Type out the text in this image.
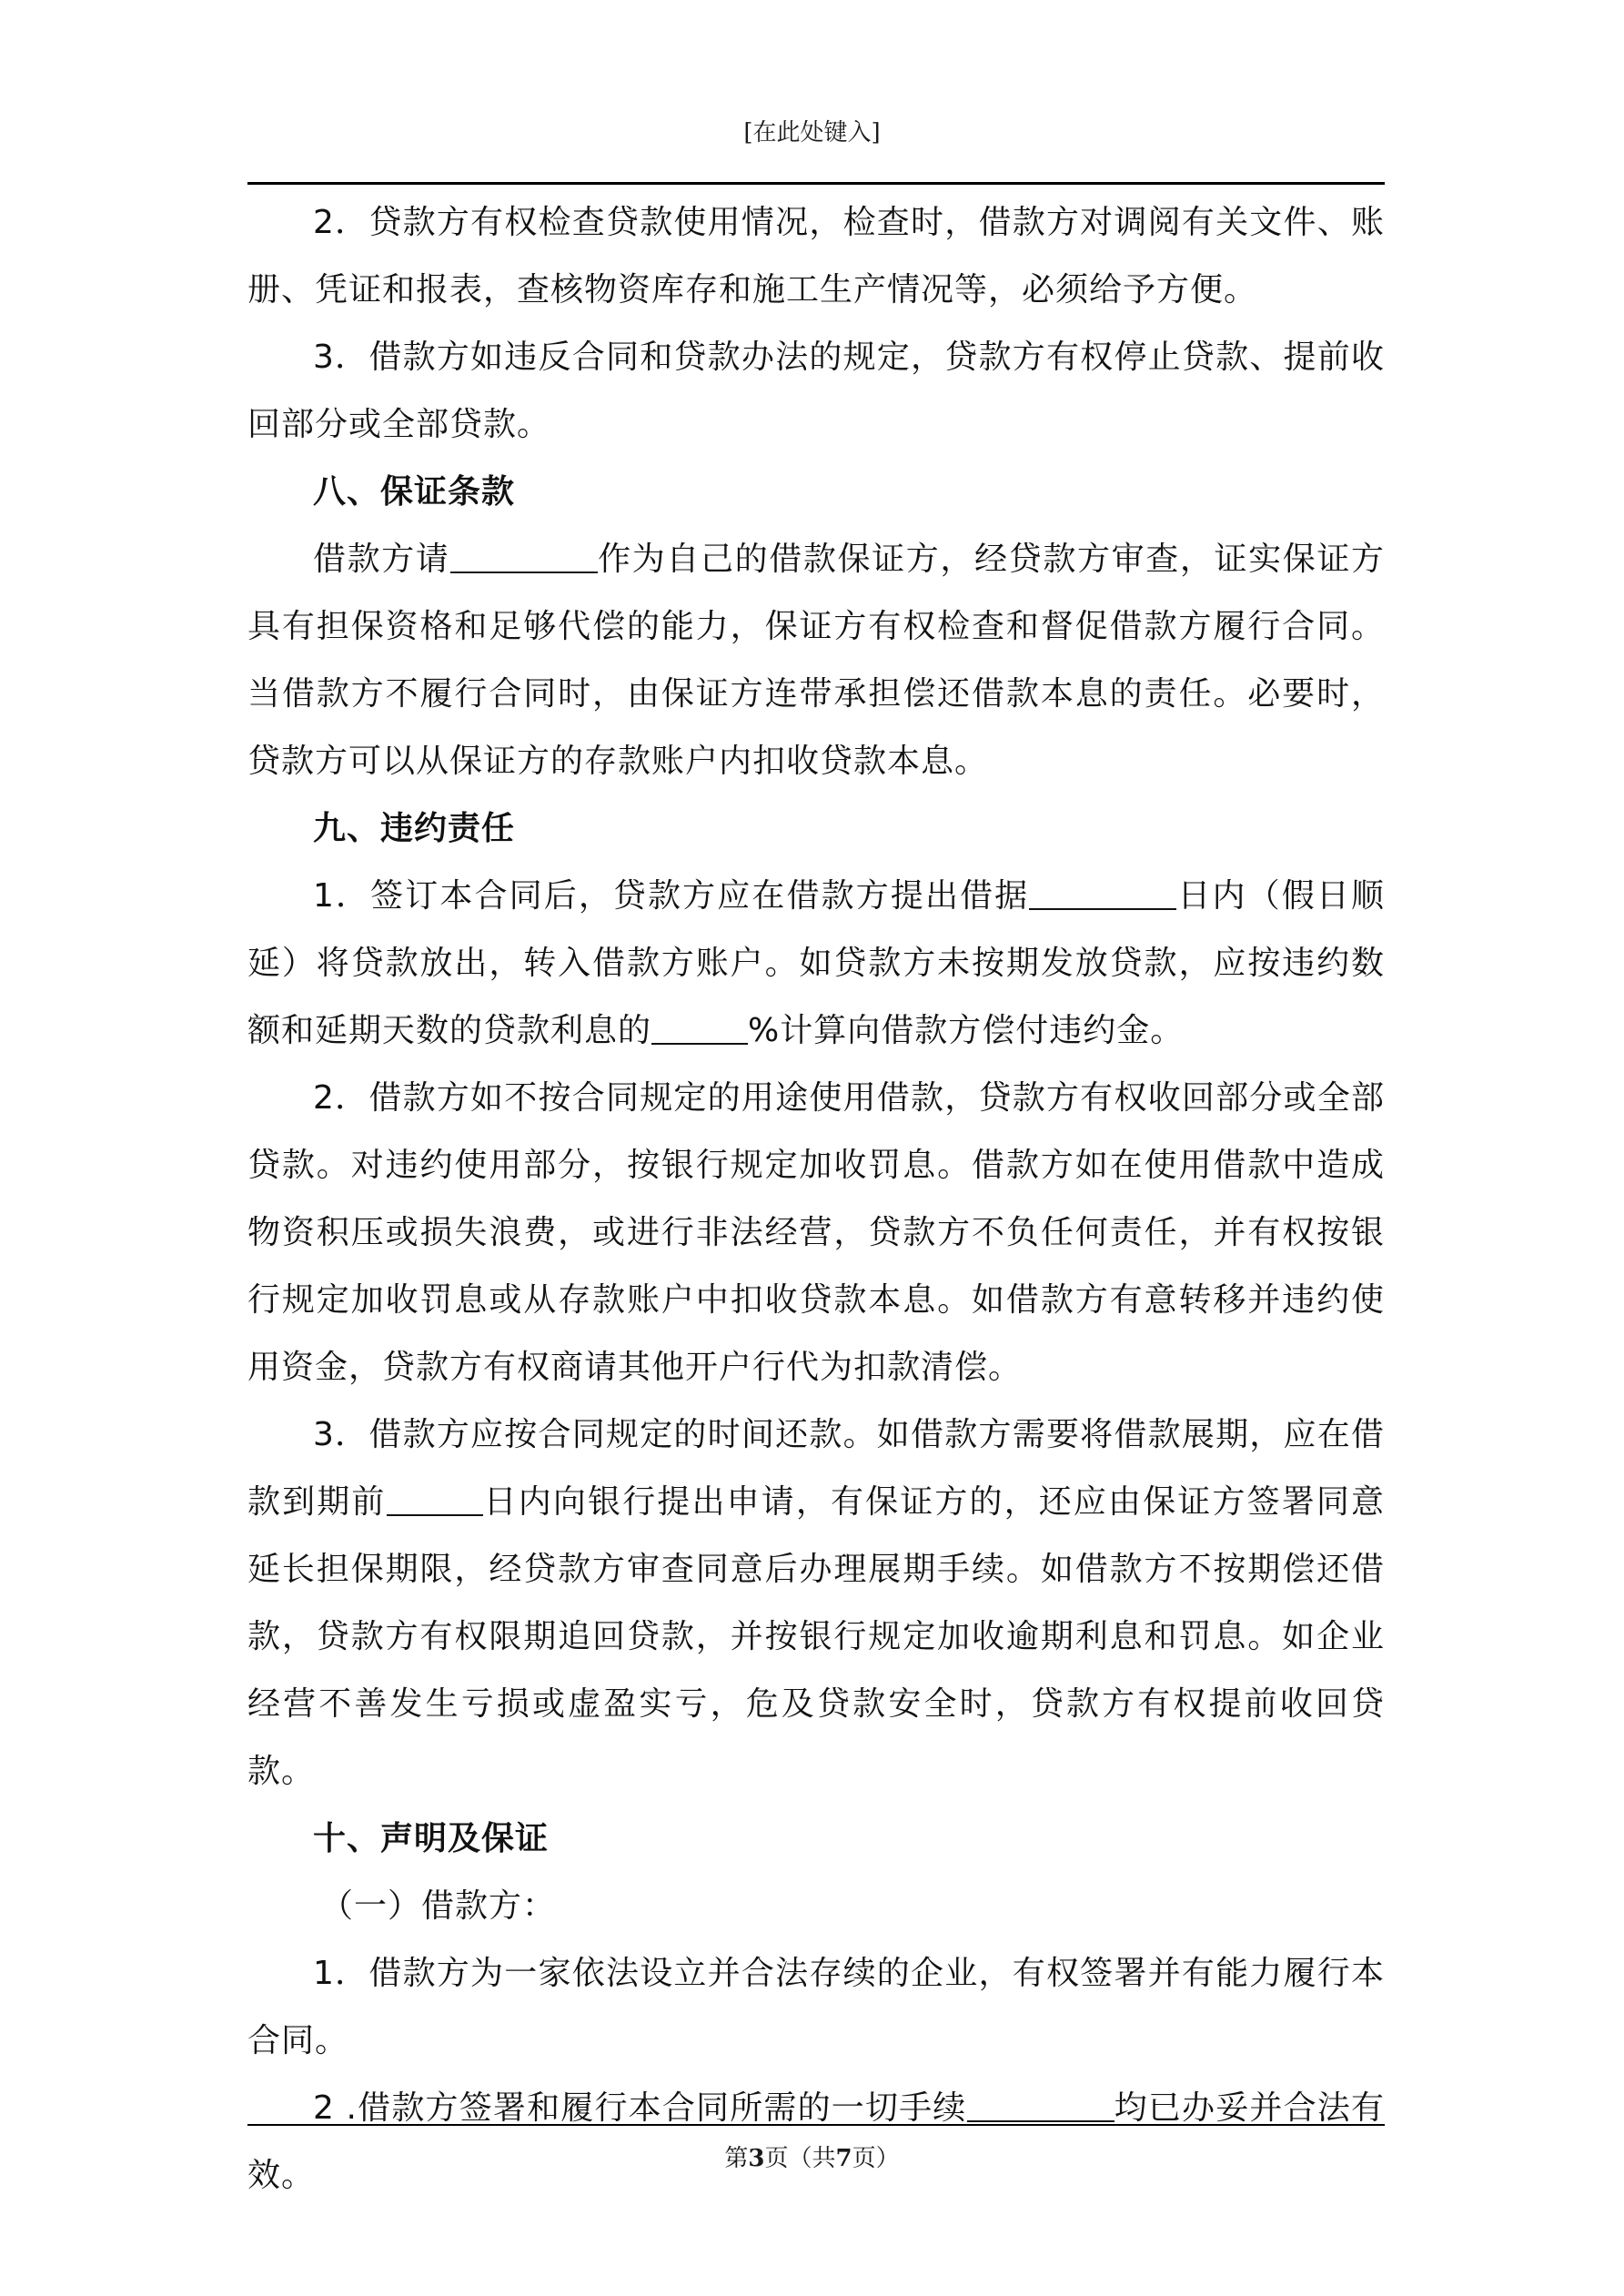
[在此处键入]

2．贷款方有权检查贷款使用情况，检查时，借款方对调阅有关文件、账册、凭证和报表，查核物资库存和施工生产情况等，必须给予方便。

3．借款方如违反合同和贷款办法的规定，贷款方有权停止贷款、提前收回部分或全部贷款。

八、保证条款

借款方请	作为自己的借款保证方，经贷款方审查，证实保证方具有担保资格和足够代偿的能力，保证方有权检查和督促借款方履行合同。当借款方不履行合同时，由保证方连带承担偿还借款本息的责任。必要时，贷款方可以从保证方的存款账户内扣收贷款本息。

九、违约责任

1．签订本合同后，贷款方应在借款方提出借据	日内（假日顺延）将贷款放出，转入借款方账户。如贷款方未按期发放贷款，应按违约数额和延期天数的贷款利息的	%计算向借款方偿付违约金。

2．借款方如不按合同规定的用途使用借款，贷款方有权收回部分或全部贷款。对违约使用部分，按银行规定加收罚息。借款方如在使用借款中造成物资积压或损失浪费，或进行非法经营，贷款方不负任何责任，并有权按银行规定加收罚息或从存款账户中扣收贷款本息。如借款方有意转移并违约使用资金，贷款方有权商请其他开户行代为扣款清偿。

3．借款方应按合同规定的时间还款。如借款方需要将借款展期，应在借款到期前	日内向银行提出申请，有保证方的，还应由保证方签署同意延长担保期限，经贷款方审查同意后办理展期手续。如借款方不按期偿还借款，贷款方有权限期追回贷款，并按银行规定加收逾期利息和罚息。如企业经营不善发生亏损或虚盈实亏，危及贷款安全时，贷款方有权提前收回贷款。

十、声明及保证

（一）借款方：

1．借款方为一家依法设立并合法存续的企业，有权签署并有能力履行本合同。

2 .借款方签署和履行本合同所需的一切手续	均已办妥并合法有效。	第3页（共7页）
